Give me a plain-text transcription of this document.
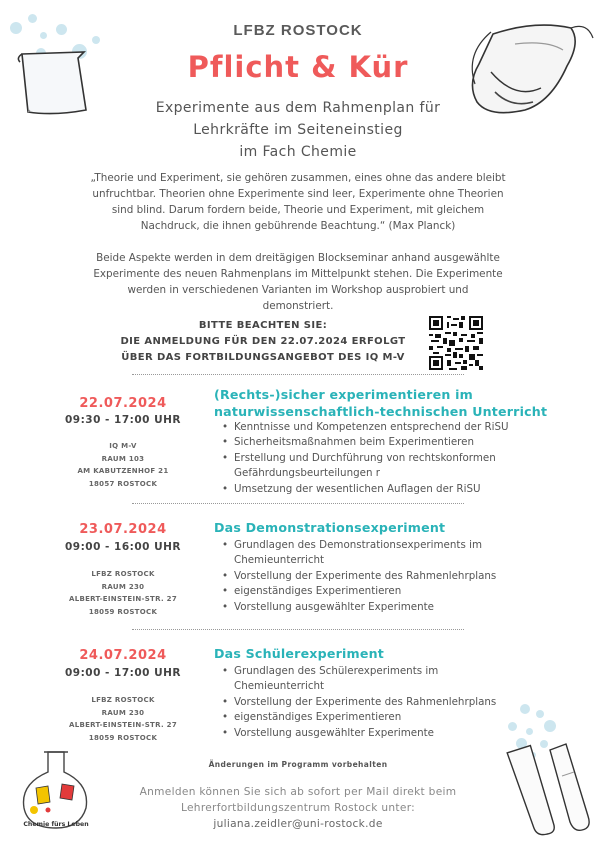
LFBZ ROSTOCK
Pflicht & Kür
Experimente aus dem Rahmenplan für
Lehrkräfte im Seiteneinstieg
im Fach Chemie
„Theorie und Experiment, sie gehören zusammen, eines ohne das andere bleibt
unfruchtbar. Theorien ohne Experimente sind leer, Experimente ohne Theorien
sind blind. Darum fordern beide, Theorie und Experiment, mit gleichem
Nachdruck, die ihnen gebührende Beachtung.“ (Max Planck)
Beide Aspekte werden in dem dreitägigen Blockseminar anhand ausgewählte
Experimente des neuen Rahmenplans im Mittelpunkt stehen. Die Experimente
werden in verschiedenen Varianten im Workshop ausprobiert und
demonstriert.
BITTE BEACHTEN SIE:
DIE ANMELDUNG FÜR DEN 22.07.2024 ERFOLGT
ÜBER DAS FORTBILDUNGSANGEBOT DES IQ M-V
22.07.2024
09:30 - 17:00 UHR
IQ M-V
RAUM 103
AM KABUTZENHOF 21
18057 ROSTOCK
(Rechts-)sicher experimentieren im
naturwissenschaftlich-technischen Unterricht
• Kenntnisse und Kompetenzen entsprechend der RiSU
• Sicherheitsmaßnahmen beim Experimentieren
• Erstellung und Durchführung von rechtskonformen
Gefährdungsbeurteilungen r
• Umsetzung der wesentlichen Auflagen der RiSU
23.07.2024
09:00 - 16:00 UHR
LFBZ ROSTOCK
RAUM 230
ALBERT-EINSTEIN-STR. 27
18059 ROSTOCK
Das Demonstrationsexperiment
• Grundlagen des Demonstrationsexperiments im
Chemieunterricht
• Vorstellung der Experimente des Rahmenlehrplans
• eigenständiges Experimentieren
• Vorstellung ausgewählter Experimente
24.07.2024
09:00 - 17:00 UHR
LFBZ ROSTOCK
RAUM 230
ALBERT-EINSTEIN-STR. 27
18059 ROSTOCK
Das Schülerexperiment
• Grundlagen des Schülerexperiments im
Chemieunterricht
• Vorstellung der Experimente des Rahmenlehrplans
• eigenständiges Experimentieren
• Vorstellung ausgewählter Experimente
Änderungen im Programm vorbehalten
Anmelden können Sie sich ab sofort per Mail direkt beim
Lehrerfortbildungszentrum Rostock unter:
juliana.zeidler@uni-rostock.de
Chemie fürs Leben
